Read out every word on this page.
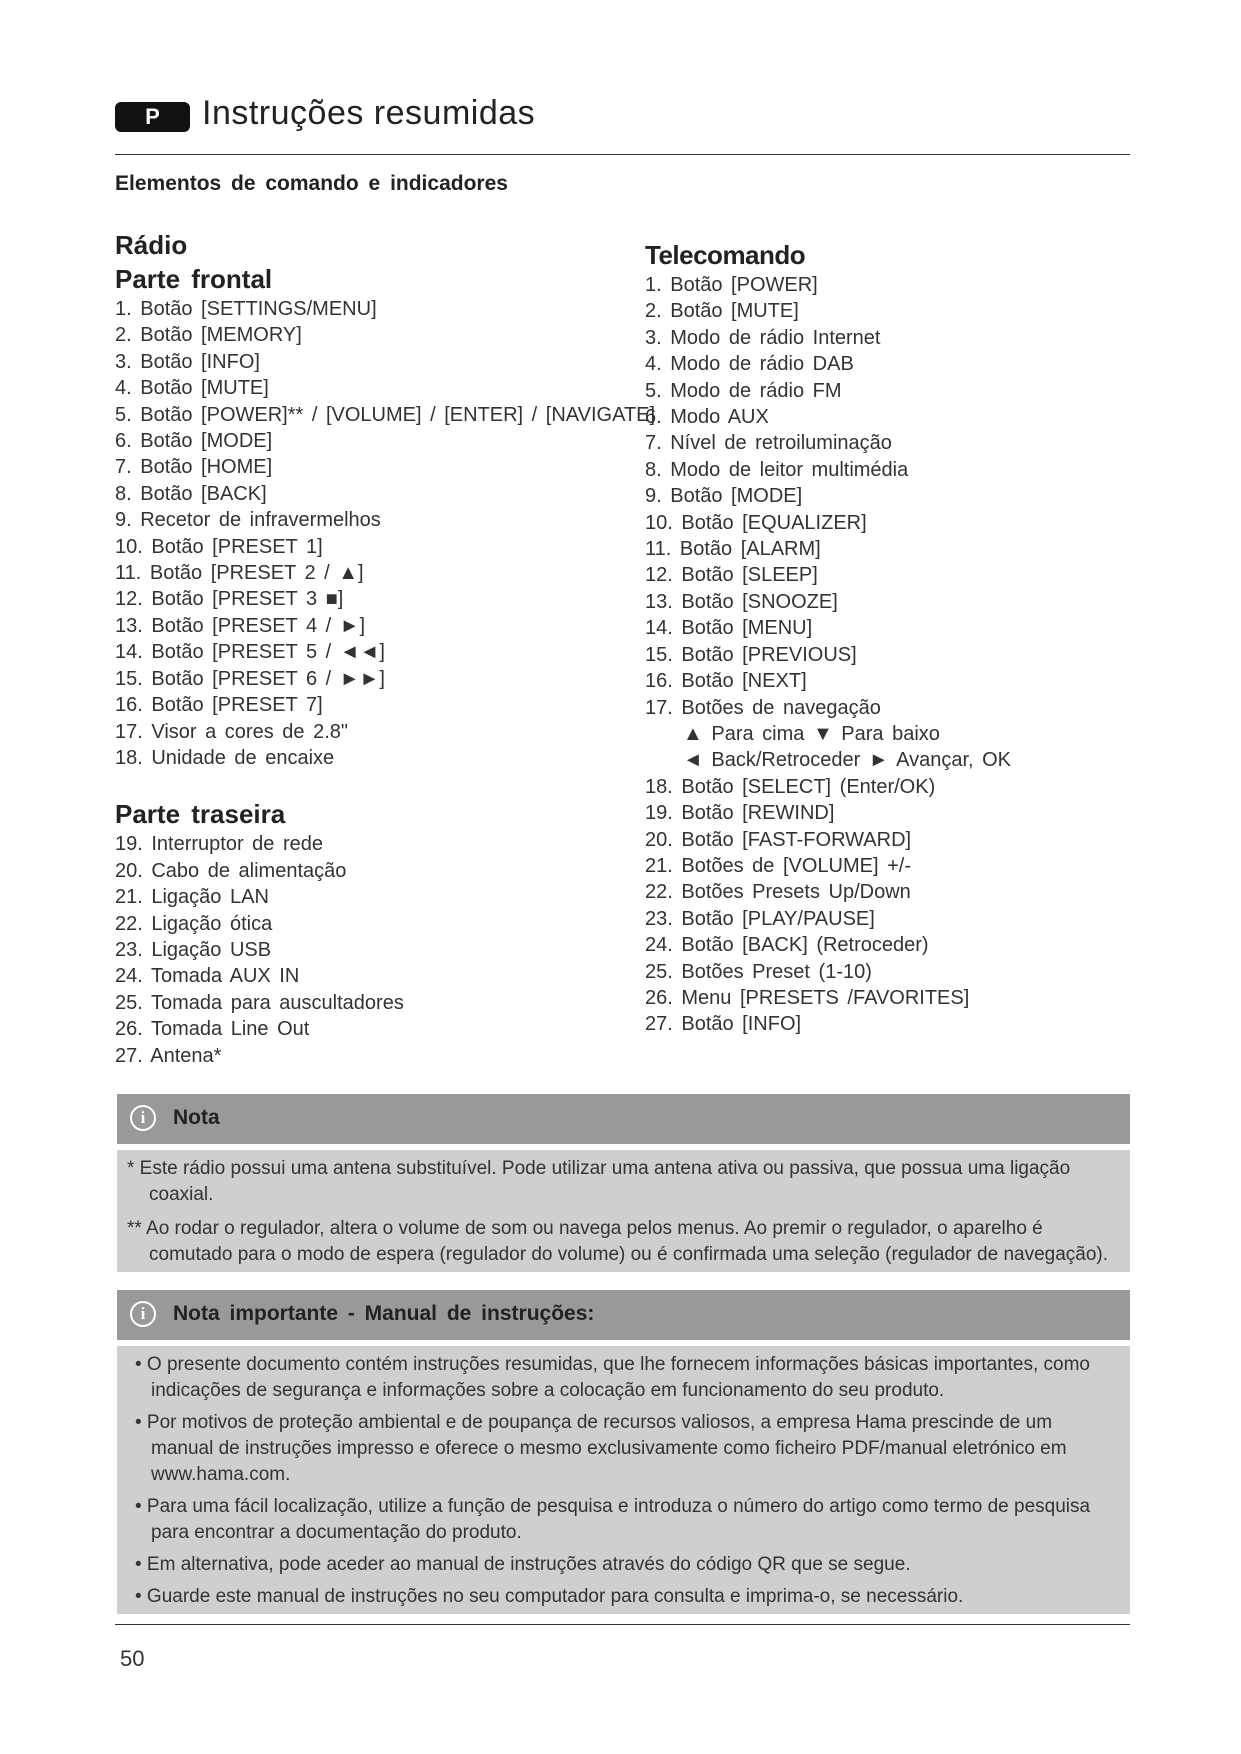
P	Instruções resumidas
Elementos de comando e indicadores
Rádio
Parte frontal
1. Botão [SETTINGS/MENU]
2. Botão [MEMORY]
3. Botão [INFO]
4. Botão [MUTE]
5. Botão [POWER]** / [VOLUME] / [ENTER] / [NAVIGATE]
6. Botão [MODE]
7. Botão [HOME]
8. Botão [BACK]
9. Recetor de infravermelhos
10. Botão [PRESET 1]
11. Botão [PRESET 2 / ▲]
12. Botão [PRESET 3 ■]
13. Botão [PRESET 4 / ►]
14. Botão [PRESET 5 / ◄◄]
15. Botão [PRESET 6 / ►►]
16. Botão [PRESET 7]
17. Visor a cores de 2.8"
18. Unidade de encaixe
Parte traseira
19. Interruptor de rede
20. Cabo de alimentação
21. Ligação LAN
22. Ligação ótica
23. Ligação USB
24. Tomada AUX IN
25. Tomada para auscultadores
26. Tomada Line Out
27. Antena*
Telecomando
1. Botão [POWER]
2. Botão [MUTE]
3. Modo de rádio Internet
4. Modo de rádio DAB
5. Modo de rádio FM
6. Modo AUX
7. Nível de retroiluminação
8. Modo de leitor multimédia
9. Botão [MODE]
10. Botão [EQUALIZER]
11. Botão [ALARM]
12. Botão [SLEEP]
13. Botão [SNOOZE]
14. Botão [MENU]
15. Botão [PREVIOUS]
16. Botão [NEXT]
17. Botões de navegação
▲ Para cima ▼ Para baixo
◄ Back/Retroceder ► Avançar, OK
18. Botão [SELECT] (Enter/OK)
19. Botão [REWIND]
20. Botão [FAST-FORWARD]
21. Botões de [VOLUME] +/-
22. Botões Presets Up/Down
23. Botão [PLAY/PAUSE]
24. Botão [BACK] (Retroceder)
25. Botões Preset (1-10)
26. Menu [PRESETS /FAVORITES]
27. Botão [INFO]
i	Nota

* Este rádio possui uma antena substituível. Pode utilizar uma antena ativa ou passiva, que possua uma ligação coaxial.

** Ao rodar o regulador, altera o volume de som ou navega pelos menus. Ao premir o regulador, o aparelho é comutado para o modo de espera (regulador do volume) ou é confirmada uma seleção (regulador de navegação).

i	Nota importante - Manual de instruções:

• O presente documento contém instruções resumidas, que lhe fornecem informações básicas importantes, como indicações de segurança e informações sobre a colocação em funcionamento do seu produto.

• Por motivos de proteção ambiental e de poupança de recursos valiosos, a empresa Hama prescinde de um manual de instruções impresso e oferece o mesmo exclusivamente como ficheiro PDF/manual eletrónico em www.hama.com.

• Para uma fácil localização, utilize a função de pesquisa e introduza o número do artigo como termo de pesquisa para encontrar a documentação do produto.

• Em alternativa, pode aceder ao manual de instruções através do código QR que se segue.

• Guarde este manual de instruções no seu computador para consulta e imprima-o, se necessário.

50
